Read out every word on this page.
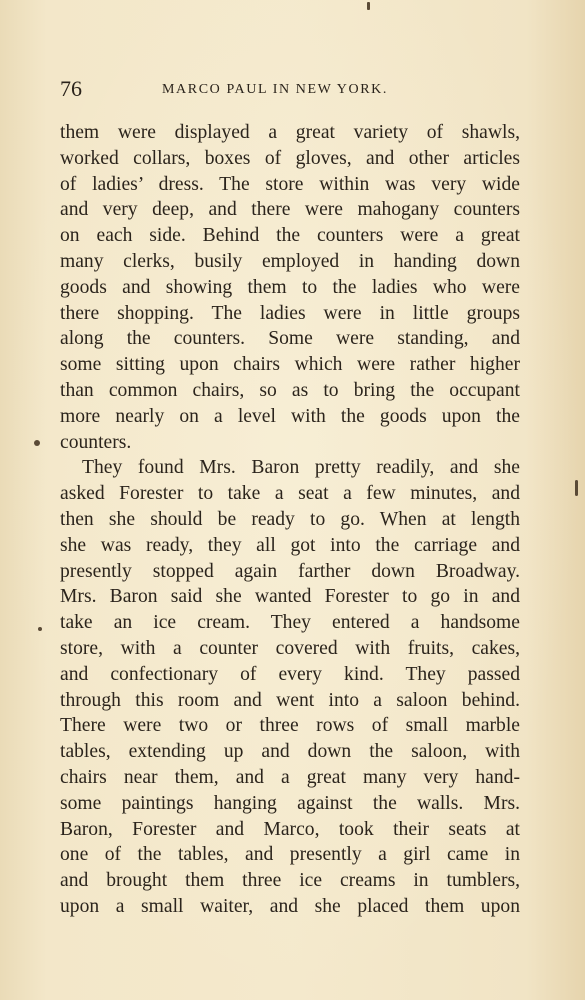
76	MARCO PAUL IN NEW YORK.
them were displayed a great variety of shawls,
worked collars, boxes of gloves, and other articles
of ladies’ dress. The store within was very wide
and very deep, and there were mahogany counters
on each side. Behind the counters were a great
many clerks, busily employed in handing down
goods and showing them to the ladies who were
there shopping. The ladies were in little groups
along the counters. Some were standing, and
some sitting upon chairs which were rather higher
than common chairs, so as to bring the occupant
more nearly on a level with the goods upon the
counters.
They found Mrs. Baron pretty readily, and she
asked Forester to take a seat a few minutes, and
then she should be ready to go. When at length
she was ready, they all got into the carriage and
presently stopped again farther down Broadway.
Mrs. Baron said she wanted Forester to go in and
take an ice cream. They entered a handsome
store, with a counter covered with fruits, cakes,
and confectionary of every kind. They passed
through this room and went into a saloon behind.
There were two or three rows of small marble
tables, extending up and down the saloon, with
chairs near them, and a great many very hand-
some paintings hanging against the walls. Mrs.
Baron, Forester and Marco, took their seats at
one of the tables, and presently a girl came in
and brought them three ice creams in tumblers,
upon a small waiter, and she placed them upon
